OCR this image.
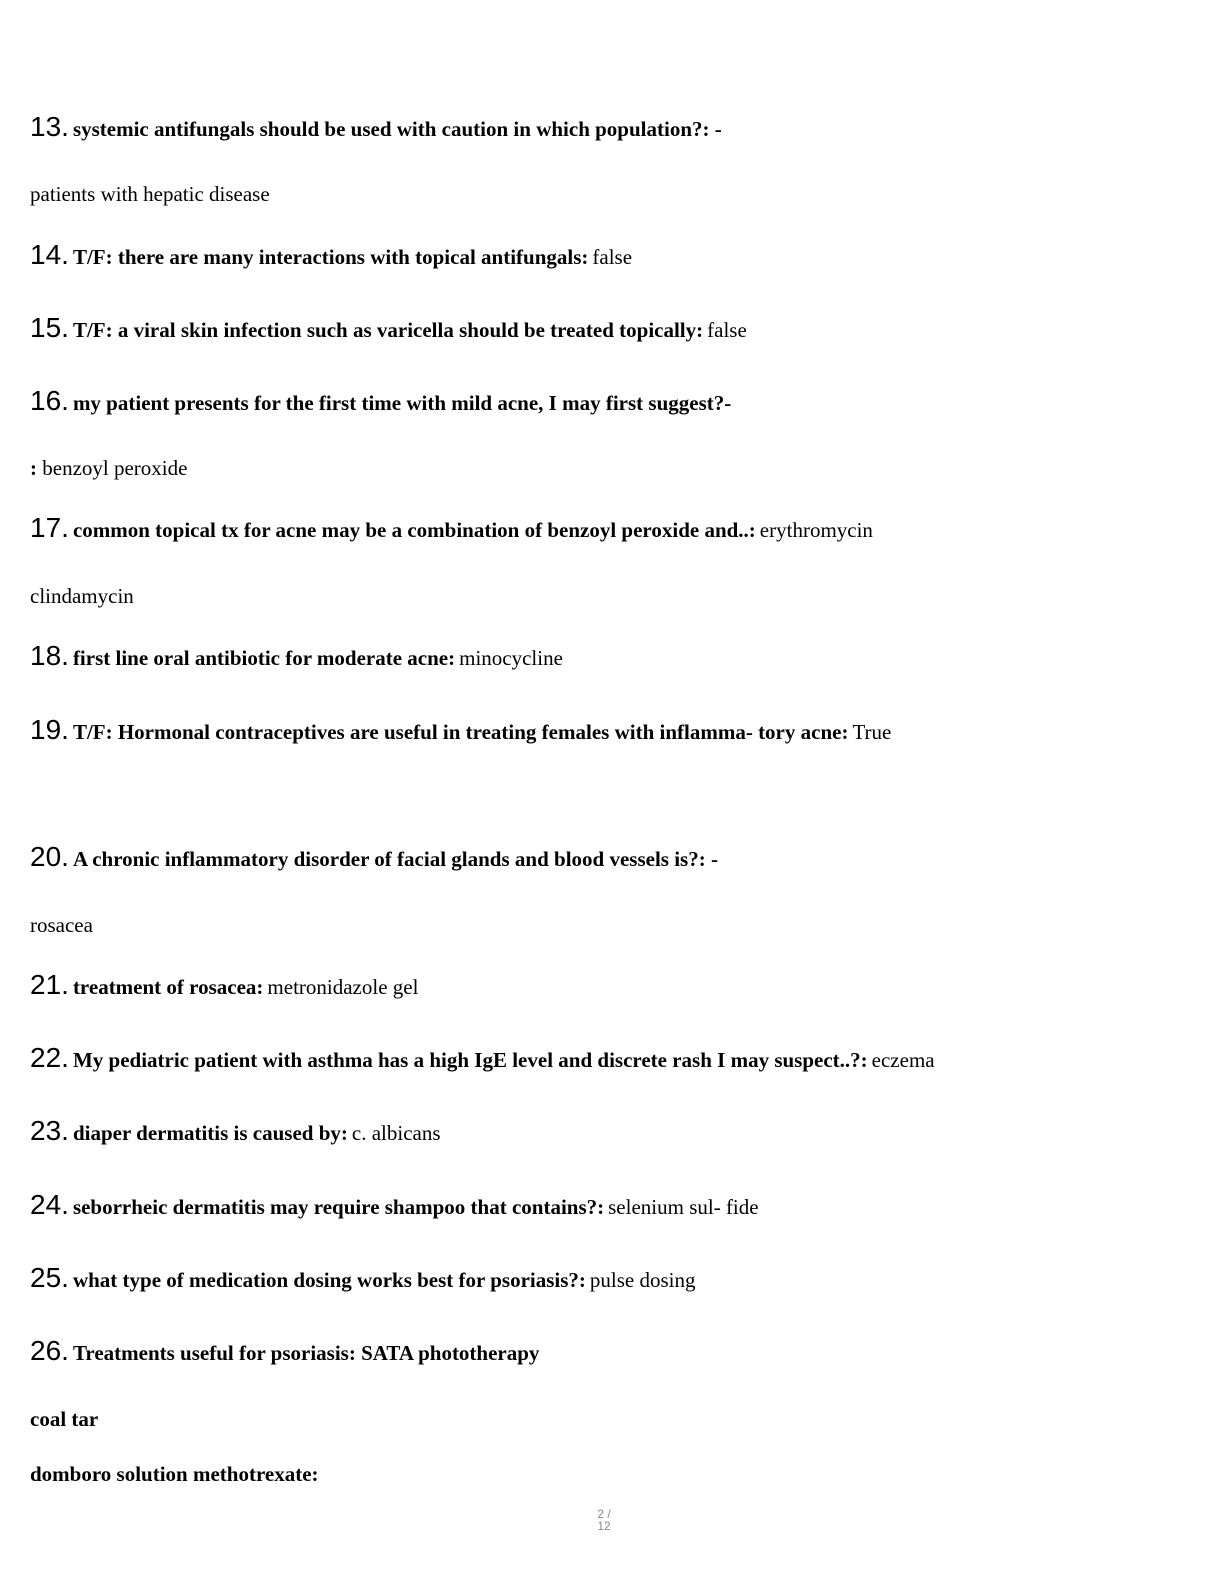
13. systemic antifungals should be used with caution in which population?: -
patients with hepatic disease
14. T/F: there are many interactions with topical antifungals: false
15. T/F: a viral skin infection such as varicella should be treated topically: false
16. my patient presents for the first time with mild acne, I may first suggest?-
: benzoyl peroxide
17. common topical tx for acne may be a combination of benzoyl peroxide and..: erythromycin
clindamycin
18. first line oral antibiotic for moderate acne: minocycline
19. T/F: Hormonal contraceptives are useful in treating females with inflamma- tory acne: True
20. A chronic inflammatory disorder of facial glands and blood vessels is?: -
rosacea
21. treatment of rosacea: metronidazole gel
22. My pediatric patient with asthma has a high IgE level and discrete rash I may suspect..?: eczema
23. diaper dermatitis is caused by: c. albicans
24. seborrheic dermatitis may require shampoo that contains?: selenium sul- fide
25. what type of medication dosing works best for psoriasis?: pulse dosing
26. Treatments useful for psoriasis: SATA phototherapy
coal tar
domboro solution methotrexate:
2 / 12
